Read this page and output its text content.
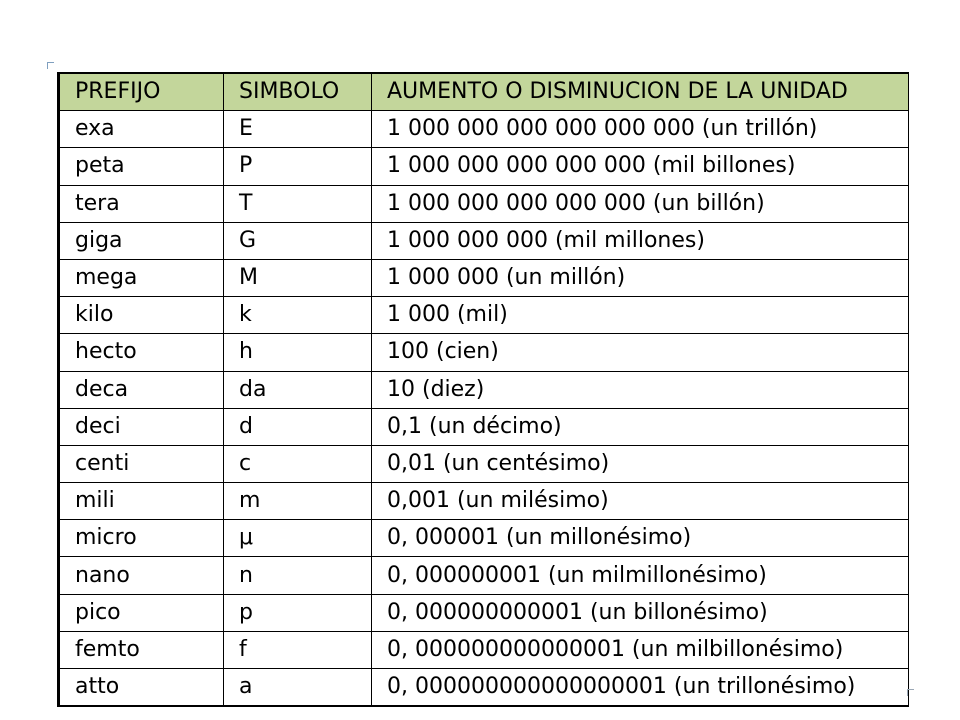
PREFIJO	SIMBOLO	AUMENTO O DISMINUCION DE LA UNIDAD
exa	E	1 000 000 000 000 000 000 (un trillón)
peta	P	1 000 000 000 000 000 (mil billones)
tera	T	1 000 000 000 000 000 (un billón)
giga	G	1 000 000 000 (mil millones)
mega	M	1 000 000 (un millón)
kilo	k	1 000 (mil)
hecto	h	100 (cien)
deca	da	10 (diez)
deci	d	0,1 (un décimo)
centi	c	0,01 (un centésimo)
mili	m	0,001 (un milésimo)
micro	μ	0, 000001 (un millonésimo)
nano	n	0, 000000001 (un milmillonésimo)
pico	p	0, 000000000001 (un billonésimo)
femto	f	0, 000000000000001 (un milbillonésimo)
atto	a	0, 000000000000000001 (un trillonésimo)
